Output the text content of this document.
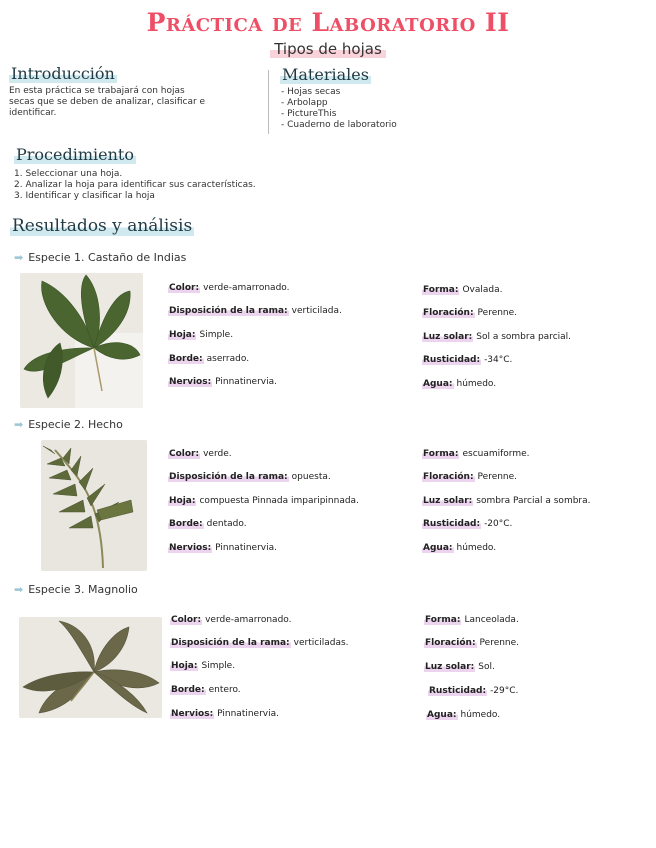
Práctica de Laboratorio II
Tipos de hojas
Introducción
En esta práctica se trabajará con hojas
secas que se deben de analizar, clasificar e
identificar.
Materiales
- Hojas secas
- Arbolapp
- PictureThis
- Cuaderno de laboratorio
Procedimiento
1. Seleccionar una hoja.
2. Analizar la hoja para identificar sus características.
3. Identificar y clasificar la hoja
Resultados y análisis
➡ Especie 1. Castaño de Indias
Color: verde-amarronado.
Disposición de la rama: verticilada.
Hoja: Simple.
Borde: aserrado.
Nervios: Pinnatinervia.
Forma: Ovalada.
Floración: Perenne.
Luz solar: Sol a sombra parcial.
Rusticidad: -34°C.
Agua: húmedo.
➡ Especie 2. Hecho
Color: verde.
Disposición de la rama: opuesta.
Hoja: compuesta Pinnada imparipinnada.
Borde: dentado.
Nervios: Pinnatinervia.
Forma: escuamiforme.
Floración: Perenne.
Luz solar: sombra Parcial a sombra.
Rusticidad: -20°C.
Agua: húmedo.
➡ Especie 3. Magnolio
Color: verde-amarronado.
Disposición de la rama: verticiladas.
Hoja: Simple.
Borde: entero.
Nervios: Pinnatinervia.
Forma: Lanceolada.
Floración: Perenne.
Luz solar: Sol.
Rusticidad: -29°C.
Agua: húmedo.
